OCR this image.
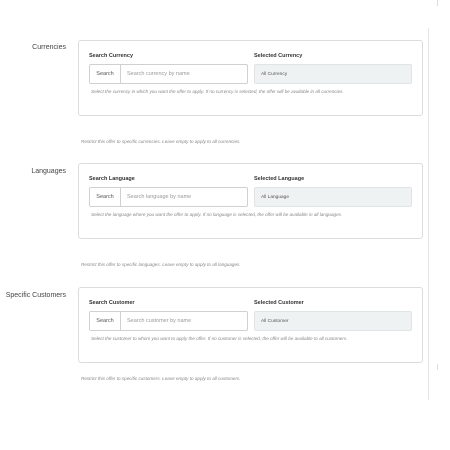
Currencies
Search Currency	Selected Currency
Search
Search currency by name	All Currency
Select the currency in which you want the offer to apply. If no currency is selected, the offer will be available in all currencies.
Restrict this offer to specific currencies. Leave empty to apply to all currencies.
Languages
Search Language	Selected Language
Search
Search language by name	All Language
Select the language where you want the offer to apply. If no language is selected, the offer will be available in all languages.
Restrict this offer to specific languages. Leave empty to apply to all languages.
Specific Customers
Search Customer	Selected Customer
Search
Search customer by name	All Customer
Select the customer to whom you want to apply the offer. If no customer is selected, the offer will be available to all customers.
Restrict this offer to specific customers. Leave empty to apply to all customers.
